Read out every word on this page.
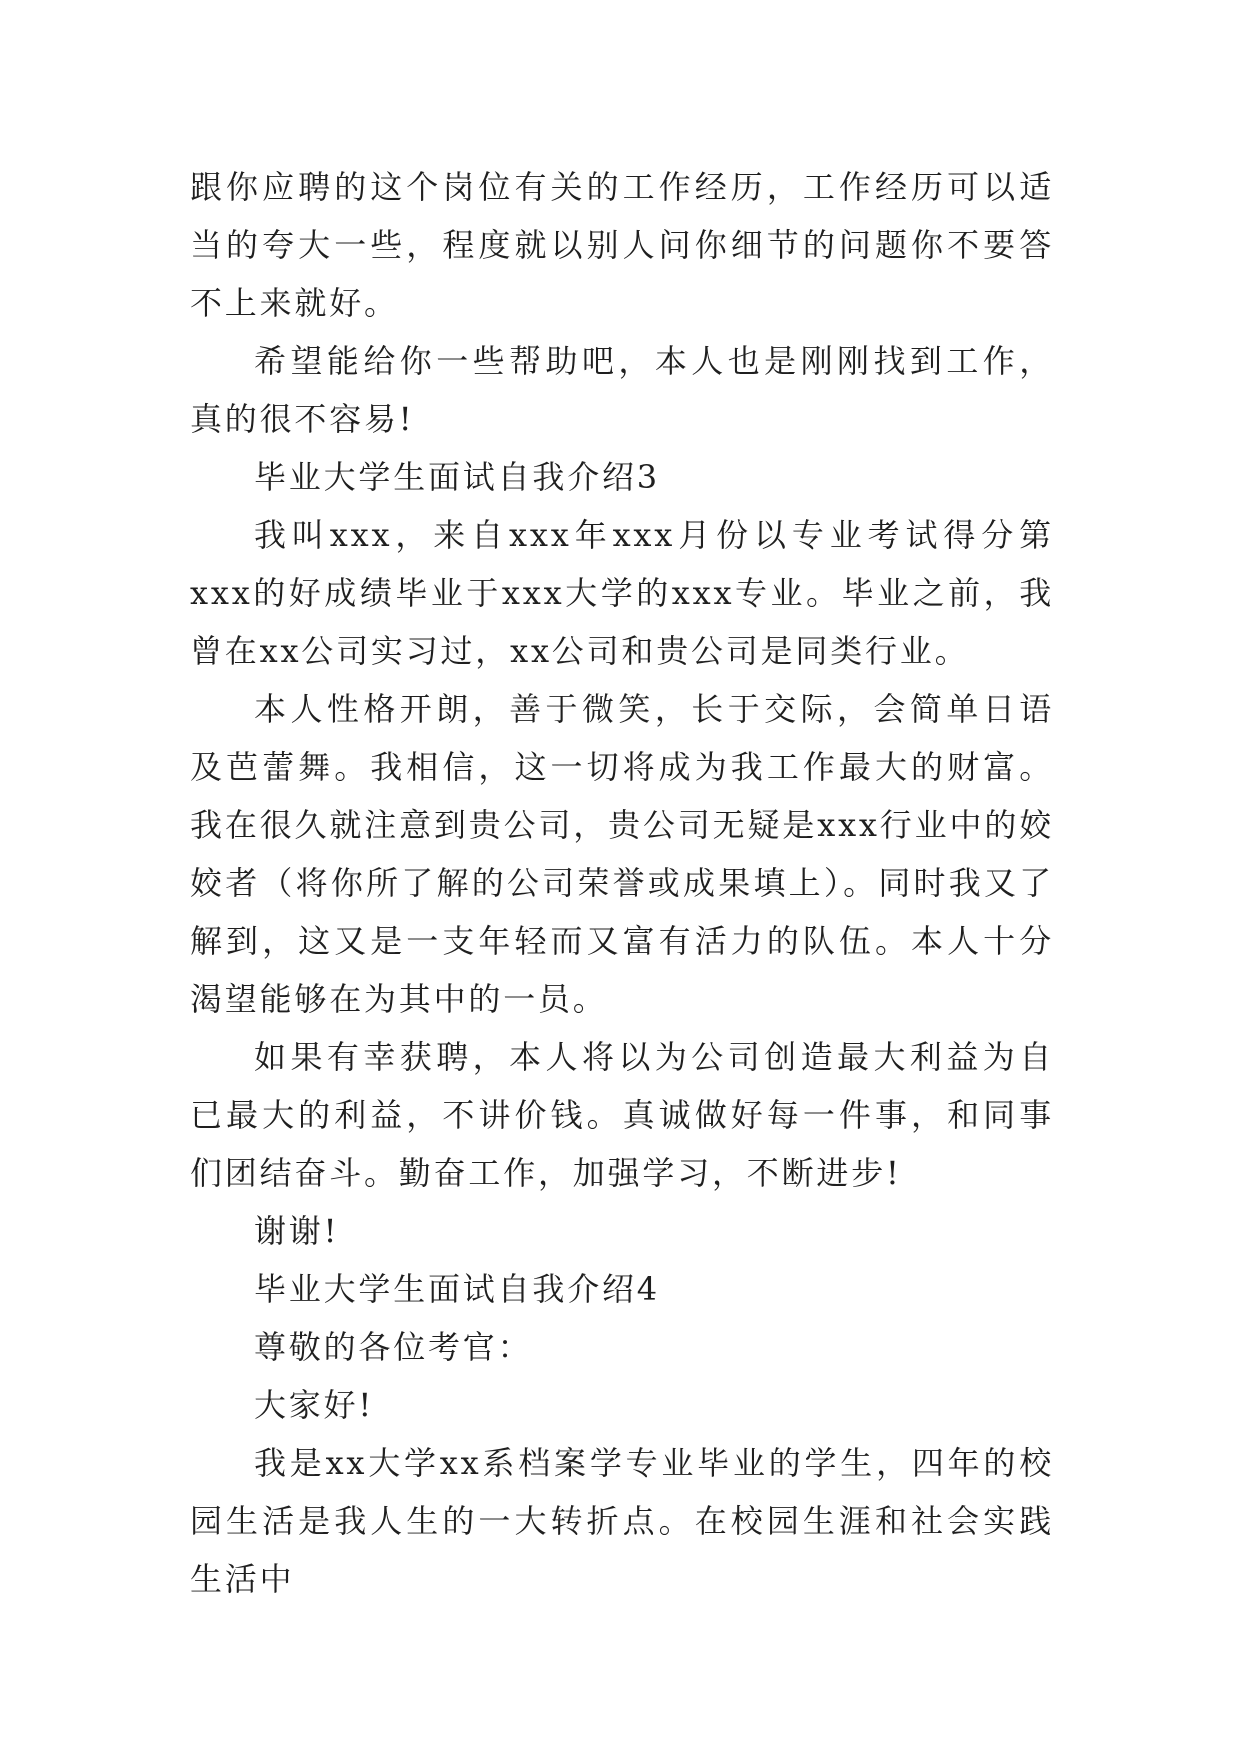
跟你应聘的这个岗位有关的工作经历，工作经历可以适当的夸大一些，程度就以别人问你细节的问题你不要答不上来就好。

希望能给你一些帮助吧，本人也是刚刚找到工作，真的很不容易!

毕业大学生面试自我介绍3

我叫xxx，来自xxx年xxx月份以专业考试得分第xxx的好成绩毕业于xxx大学的xxx专业。毕业之前，我曾在xx公司实习过，xx公司和贵公司是同类行业。

本人性格开朗，善于微笑，长于交际，会简单日语及芭蕾舞。我相信，这一切将成为我工作最大的财富。我在很久就注意到贵公司，贵公司无疑是xxx行业中的姣姣者（将你所了解的公司荣誉或成果填上）。同时我又了解到，这又是一支年轻而又富有活力的队伍。本人十分渴望能够在为其中的一员。

如果有幸获聘，本人将以为公司创造最大利益为自已最大的利益，不讲价钱。真诚做好每一件事，和同事们团结奋斗。勤奋工作，加强学习，不断进步!

谢谢!

毕业大学生面试自我介绍4

尊敬的各位考官：

大家好!

我是xx大学xx系档案学专业毕业的学生，四年的校园生活是我人生的一大转折点。在校园生涯和社会实践生活中
